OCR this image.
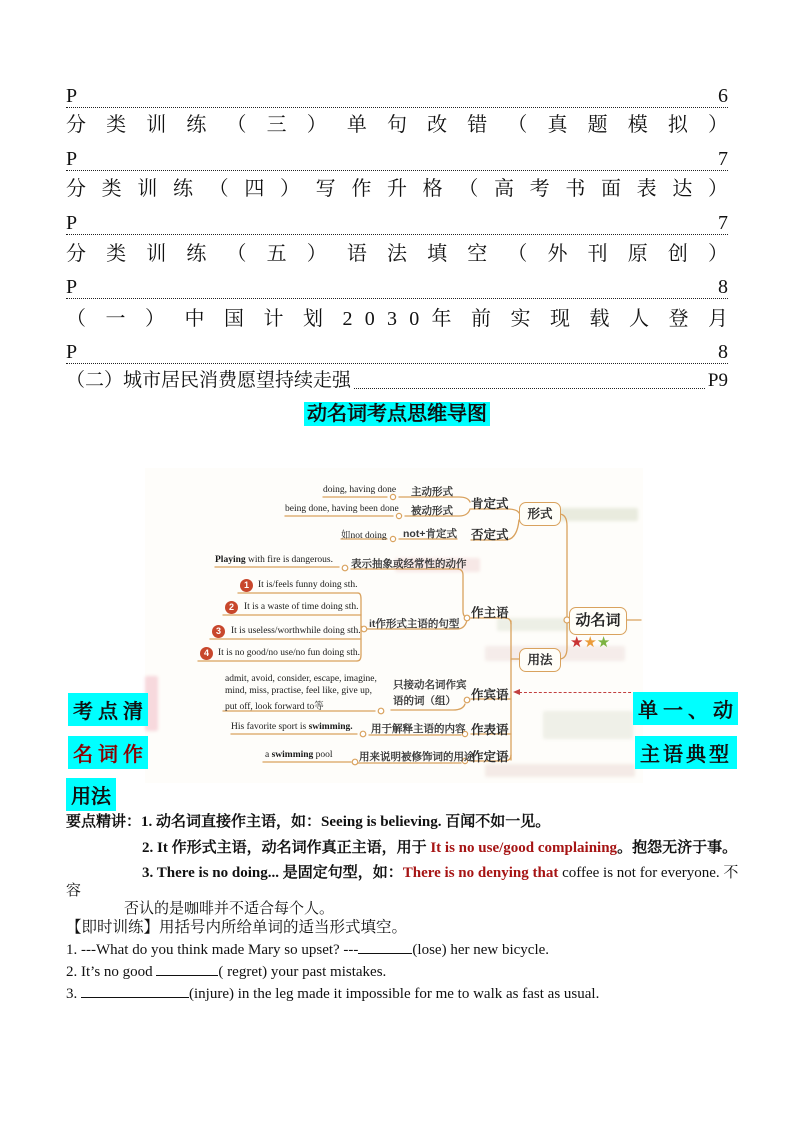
P	6
分 类 训 练 （ 三 ） 单 句 改 错 （ 真 题 模 拟 ）
P	7
分 类 训 练 （ 四 ） 写 作 升 格 （ 高 考 书 面 表 达 ）
P	7
分 类 训 练 （ 五 ） 语 法 填 空 （ 外 刊 原 创 ）
P	8
（ 一 ） 中 国 计 划 2 0 3 0 年 前 实 现 载 人 登 月
P	8
（二）城市居民消费愿望持续走强	P9
动名词考点思维导图
doing, having done 主动形式
肯定式
being done, having been done 被动形式
如not doing not+肯定式 否定式
形式
Playing with fire is dangerous. 表示抽象或经常性的动作
1 It is/feels funny doing sth.
2	It is a waste of time doing sth.
3	It is useless/worthwhile doing sth.
4 It is no good/no use/no fun doing sth.
it作形式主语的句型
作主语
admit, avoid, consider, escape, imagine,
mind, miss, practise, feel like, give up,
put off, look forward to等
只接动名词作宾
语的词（组） 作宾语
His favorite sport is swimming. 用于解释主语的内容 作表语
a swimming pool	用来说明被修饰词的用途
作定语
用法
动名词
★★★
考 点 清
名 词 作
用法
单 一 、 动
主语典型
要点精讲：1. 动名词直接作主语，如：Seeing is believing. 百闻不如一见。
2. It 作形式主语，动名词作真正主语，用于 It is no use/good complaining。抱怨无济于事。
3. There is no doing... 是固定句型，如：There is no denying that coffee is not for everyone. 不
容
否认的是咖啡并不适合每个人。
【即时训练】用括号内所给单词的适当形式填空。
1. ---What do you think made Mary so upset? ---	(lose) her new bicycle.
2. It’s no good	( regret) your past mistakes.
3.	(injure) in the leg made it impossible for me to walk as fast as usual.
